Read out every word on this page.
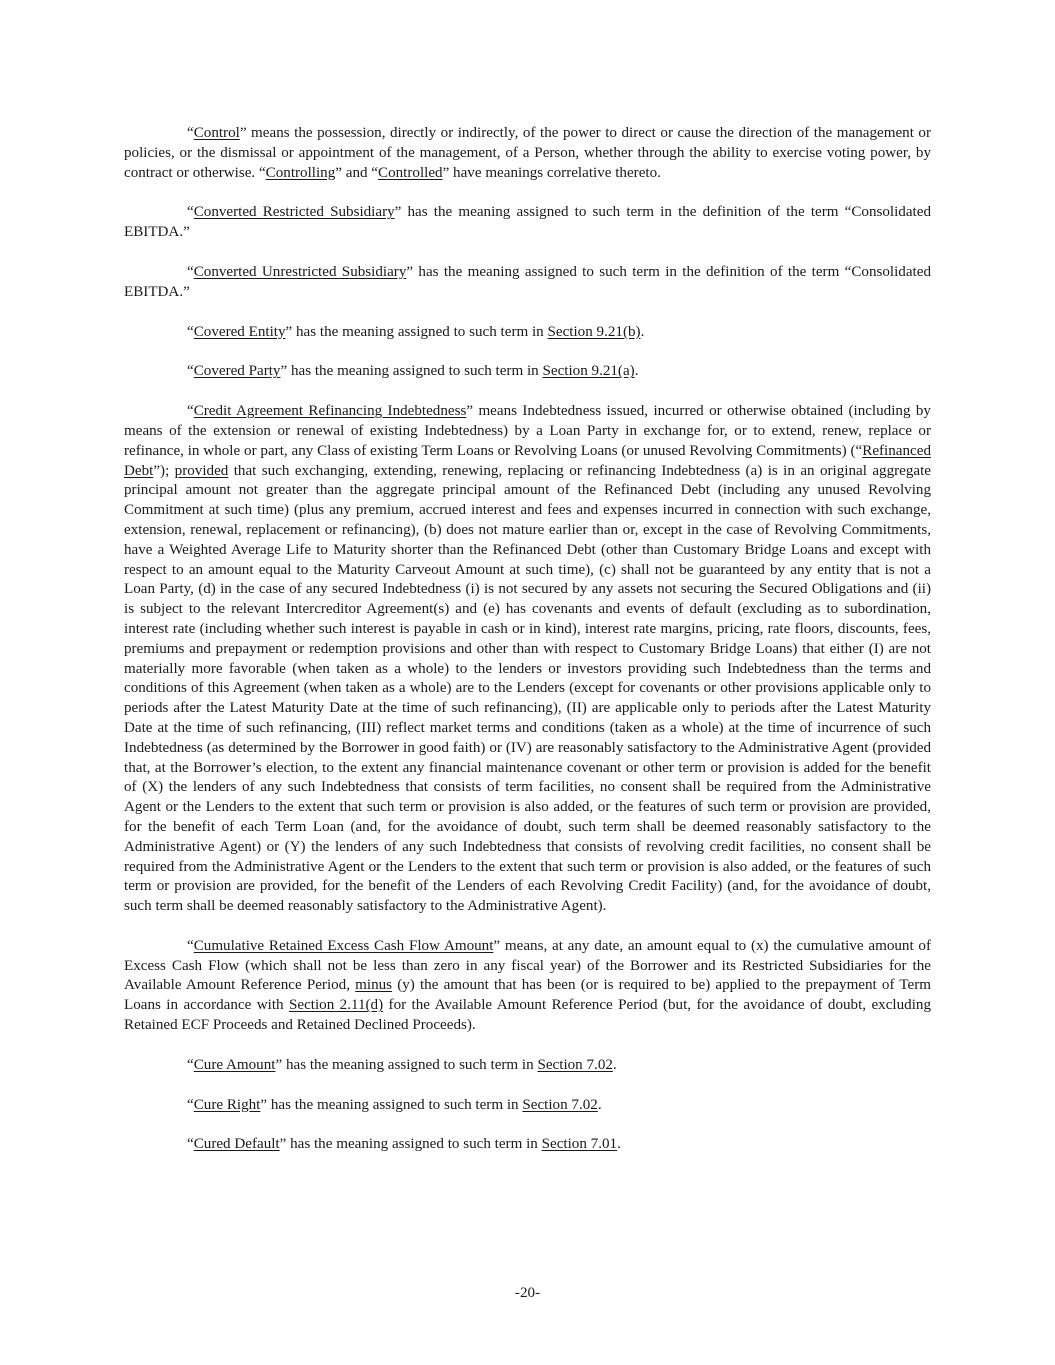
“Control” means the possession, directly or indirectly, of the power to direct or cause the direction of the management or policies, or the dismissal or appointment of the management, of a Person, whether through the ability to exercise voting power, by contract or otherwise. “Controlling” and “Controlled” have meanings correlative thereto.

“Converted Restricted Subsidiary” has the meaning assigned to such term in the definition of the term “Consolidated EBITDA.”

“Converted Unrestricted Subsidiary” has the meaning assigned to such term in the definition of the term “Consolidated EBITDA.”

“Covered Entity” has the meaning assigned to such term in Section 9.21(b).

“Covered Party” has the meaning assigned to such term in Section 9.21(a).

“Credit Agreement Refinancing Indebtedness” means Indebtedness issued, incurred or otherwise obtained (including by means of the extension or renewal of existing Indebtedness) by a Loan Party in exchange for, or to extend, renew, replace or refinance, in whole or part, any Class of existing Term Loans or Revolving Loans (or unused Revolving Commitments) (“Refinanced Debt”); provided that such exchanging, extending, renewing, replacing or refinancing Indebtedness (a) is in an original aggregate principal amount not greater than the aggregate principal amount of the Refinanced Debt (including any unused Revolving Commitment at such time) (plus any premium, accrued interest and fees and expenses incurred in connection with such exchange, extension, renewal, replacement or refinancing), (b) does not mature earlier than or, except in the case of Revolving Commitments, have a Weighted Average Life to Maturity shorter than the Refinanced Debt (other than Customary Bridge Loans and except with respect to an amount equal to the Maturity Carveout Amount at such time), (c) shall not be guaranteed by any entity that is not a Loan Party, (d) in the case of any secured Indebtedness (i) is not secured by any assets not securing the Secured Obligations and (ii) is subject to the relevant Intercreditor Agreement(s) and (e) has covenants and events of default (excluding as to subordination, interest rate (including whether such interest is payable in cash or in kind), interest rate margins, pricing, rate floors, discounts, fees, premiums and prepayment or redemption provisions and other than with respect to Customary Bridge Loans) that either (I) are not materially more favorable (when taken as a whole) to the lenders or investors providing such Indebtedness than the terms and conditions of this Agreement (when taken as a whole) are to the Lenders (except for covenants or other provisions applicable only to periods after the Latest Maturity Date at the time of such refinancing), (II) are applicable only to periods after the Latest Maturity Date at the time of such refinancing, (III) reflect market terms and conditions (taken as a whole) at the time of incurrence of such Indebtedness (as determined by the Borrower in good faith) or (IV) are reasonably satisfactory to the Administrative Agent (provided that, at the Borrower’s election, to the extent any financial maintenance covenant or other term or provision is added for the benefit of (X) the lenders of any such Indebtedness that consists of term facilities, no consent shall be required from the Administrative Agent or the Lenders to the extent that such term or provision is also added, or the features of such term or provision are provided, for the benefit of each Term Loan (and, for the avoidance of doubt, such term shall be deemed reasonably satisfactory to the Administrative Agent) or (Y) the lenders of any such Indebtedness that consists of revolving credit facilities, no consent shall be required from the Administrative Agent or the Lenders to the extent that such term or provision is also added, or the features of such term or provision are provided, for the benefit of the Lenders of each Revolving Credit Facility) (and, for the avoidance of doubt, such term shall be deemed reasonably satisfactory to the Administrative Agent).

“Cumulative Retained Excess Cash Flow Amount” means, at any date, an amount equal to (x) the cumulative amount of Excess Cash Flow (which shall not be less than zero in any fiscal year) of the Borrower and its Restricted Subsidiaries for the Available Amount Reference Period, minus (y) the amount that has been (or is required to be) applied to the prepayment of Term Loans in accordance with Section 2.11(d) for the Available Amount Reference Period (but, for the avoidance of doubt, excluding Retained ECF Proceeds and Retained Declined Proceeds).

“Cure Amount” has the meaning assigned to such term in Section 7.02.

“Cure Right” has the meaning assigned to such term in Section 7.02.

“Cured Default” has the meaning assigned to such term in Section 7.01.

-20-
